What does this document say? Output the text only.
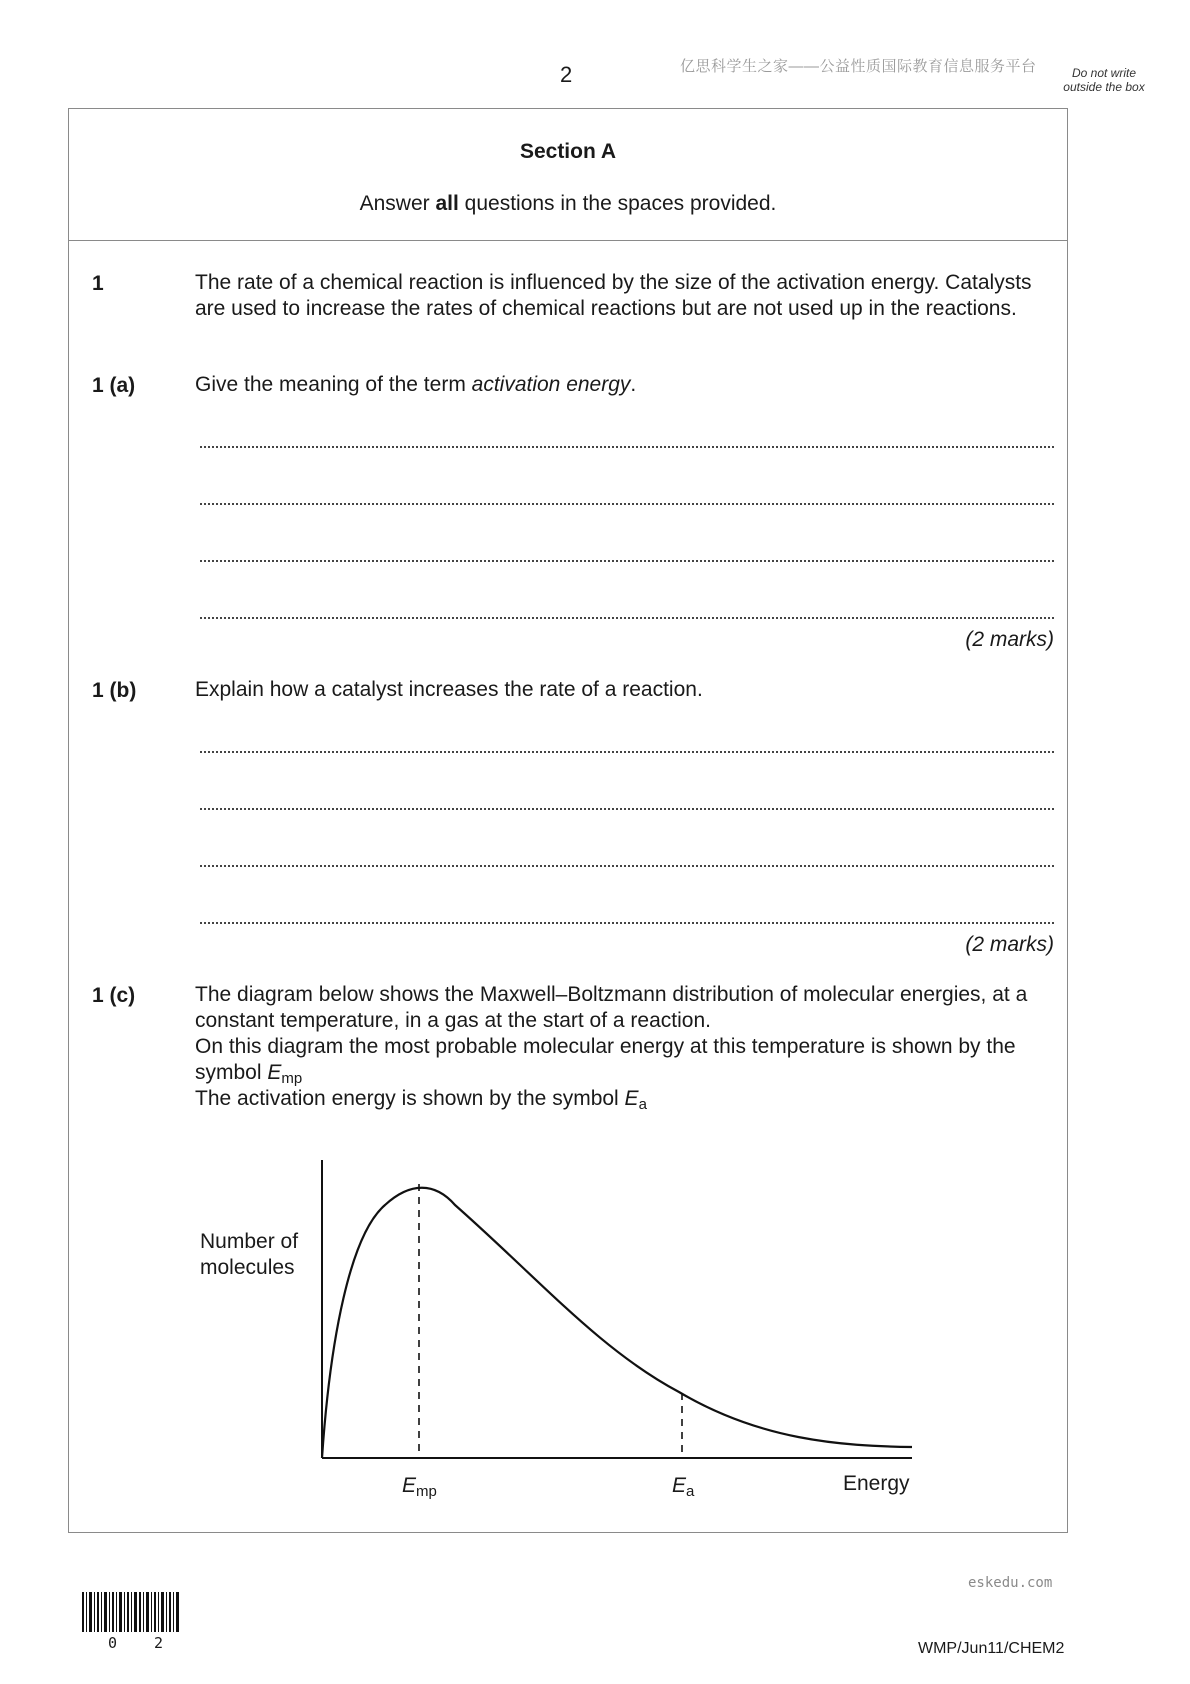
2	亿思科学生之家——公益性质国际教育信息服务平台	Do not write outside the box
Section A
Answer all questions in the spaces provided.
1	The rate of a chemical reaction is influenced by the size of the activation energy. Catalysts are used to increase the rates of chemical reactions but are not used up in the reactions.
1 (a)	Give the meaning of the term activation energy.
(2 marks)
1 (b)	Explain how a catalyst increases the rate of a reaction.
(2 marks)
1 (c)	The diagram below shows the Maxwell–Boltzmann distribution of molecular energies, at a constant temperature, in a gas at the start of a reaction.
On this diagram the most probable molecular energy at this temperature is shown by the symbol $E_{mp}$
The activation energy is shown by the symbol $E_a$
Number of
molecules
Emp	Ea	Energy
eskedu.com
0 2	WMP/Jun11/CHEM2
